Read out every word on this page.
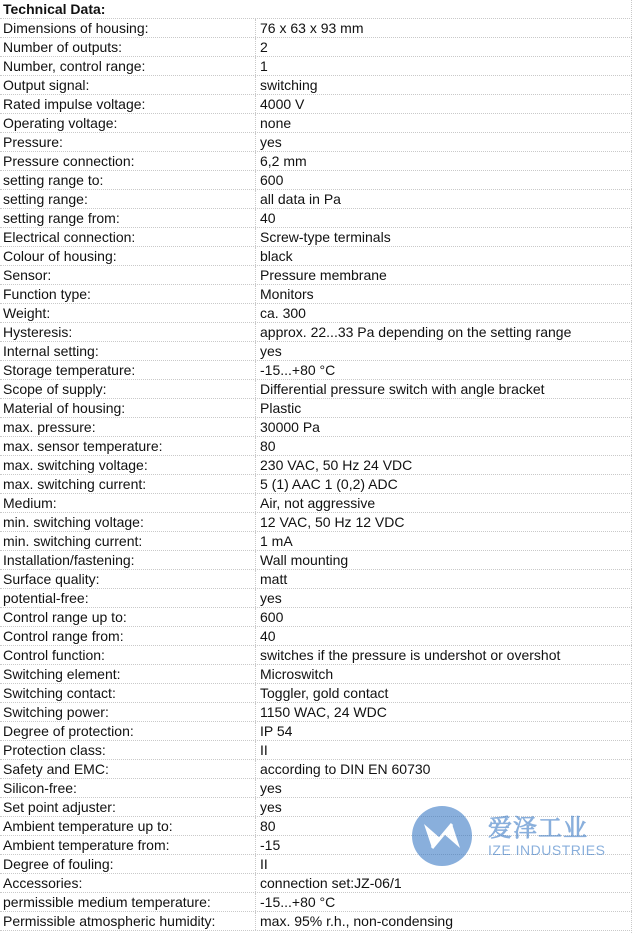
Technical Data:
Dimensions of housing:	76 x 63 x 93 mm
Number of outputs:	2
Number, control range:	1
Output signal:	switching
Rated impulse voltage:	4000 V
Operating voltage:	none
Pressure:	yes
Pressure connection:	6,2 mm
setting range to:	600
setting range:	all data in Pa
setting range from:	40
Electrical connection:	Screw-type terminals
Colour of housing:	black
Sensor:	Pressure membrane
Function type:	Monitors
Weight:	ca. 300
Hysteresis:	approx. 22...33 Pa depending on the setting range
Internal setting:	yes
Storage temperature:	-15...+80 °C
Scope of supply:	Differential pressure switch with angle bracket
Material of housing:	Plastic
max. pressure:	30000 Pa
max. sensor temperature:	80
max. switching voltage:	230 VAC, 50 Hz 24 VDC
max. switching current:	5 (1) AAC 1 (0,2) ADC
Medium:	Air, not aggressive
min. switching voltage:	12 VAC, 50 Hz 12 VDC
min. switching current:	1 mA
Installation/fastening:	Wall mounting
Surface quality:	matt
potential-free:	yes
Control range up to:	600
Control range from:	40
Control function:	switches if the pressure is undershot or overshot
Switching element:	Microswitch
Switching contact:	Toggler, gold contact
Switching power:	1150 WAC, 24 WDC
Degree of protection:	IP 54
Protection class:	II
Safety and EMC:	according to DIN EN 60730
Silicon-free:	yes
Set point adjuster:	yes
Ambient temperature up to:	80
Ambient temperature from:	-15
Degree of fouling:	II
Accessories:	connection set:JZ-06/1
permissible medium temperature:	-15...+80 °C
Permissible atmospheric humidity:	max. 95% r.h., non-condensing
爱泽工业
IZE INDUSTRIES
